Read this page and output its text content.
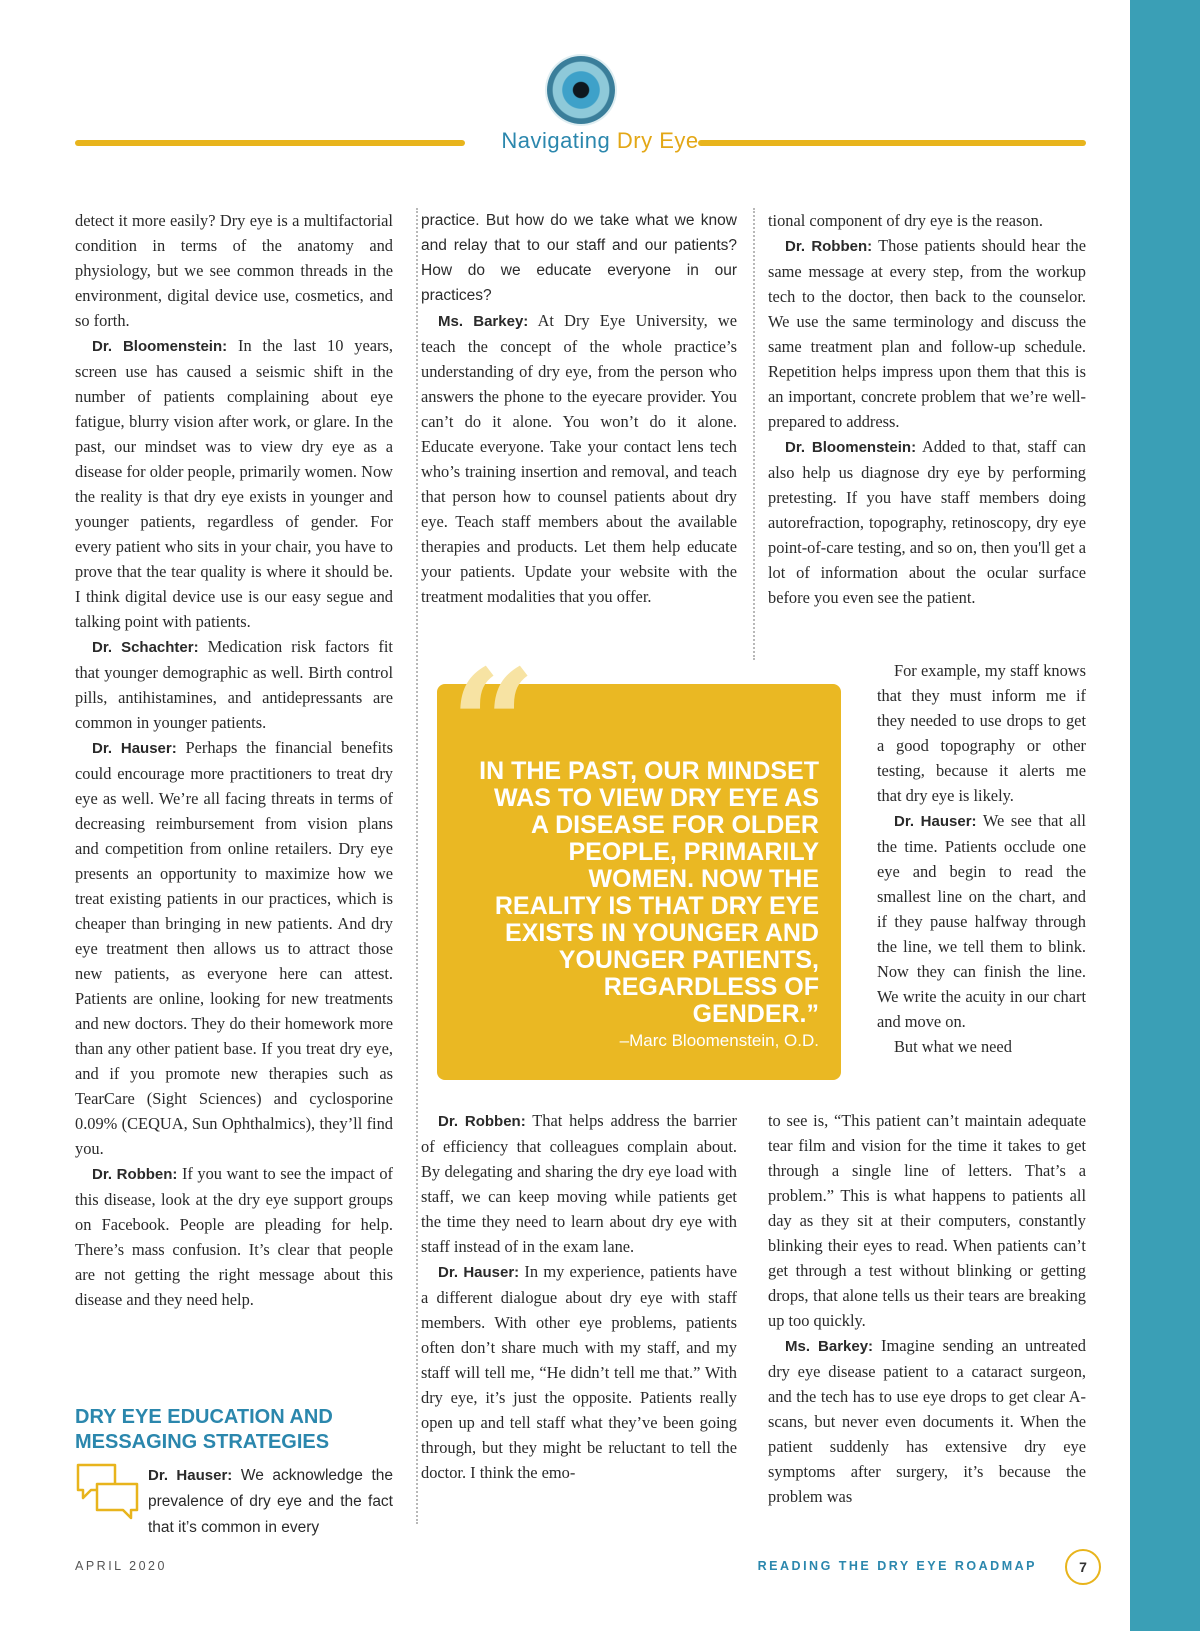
Navigating Dry Eye

detect it more easily? Dry eye is a multifactorial condition in terms of the anatomy and physiology, but we see common threads in the environment, digital device use, cosmetics, and so forth.

Dr. Bloomenstein: In the last 10 years, screen use has caused a seismic shift in the number of patients complaining about eye fatigue, blurry vision after work, or glare. In the past, our mindset was to view dry eye as a disease for older people, primarily women. Now the reality is that dry eye exists in younger and younger patients, regardless of gender. For every patient who sits in your chair, you have to prove that the tear quality is where it should be. I think digital device use is our easy segue and talking point with patients.

Dr. Schachter: Medication risk factors fit that younger demographic as well. Birth control pills, antihistamines, and antidepressants are common in younger patients.

Dr. Hauser: Perhaps the financial benefits could encourage more practitioners to treat dry eye as well. We’re all facing threats in terms of decreasing reimbursement from vision plans and competition from online retailers. Dry eye presents an opportunity to maximize how we treat existing patients in our practices, which is cheaper than bringing in new patients. And dry eye treatment then allows us to attract those new patients, as everyone here can attest. Patients are online, looking for new treatments and new doctors. They do their homework more than any other patient base. If you treat dry eye, and if you promote new therapies such as TearCare (Sight Sciences) and cyclosporine 0.09% (CEQUA, Sun Ophthalmics), they’ll find you.

Dr. Robben: If you want to see the impact of this disease, look at the dry eye support groups on Facebook. People are pleading for help. There’s mass confusion. It’s clear that people are not getting the right message about this disease and they need help.

DRY EYE EDUCATION AND MESSAGING STRATEGIES

Dr. Hauser: We acknowledge the prevalence of dry eye and the fact that it’s common in every

practice. But how do we take what we know and relay that to our staff and our patients? How do we educate everyone in our practices?

Ms. Barkey: At Dry Eye University, we teach the concept of the whole practice’s understanding of dry eye, from the person who answers the phone to the eyecare provider. You can’t do it alone. You won’t do it alone. Educate everyone. Take your contact lens tech who’s training insertion and removal, and teach that person how to counsel patients about dry eye. Teach staff members about the available therapies and products. Let them help educate your patients. Update your website with the treatment modalities that you offer.

“
IN THE PAST, OUR MINDSET WAS TO VIEW DRY EYE AS A DISEASE FOR OLDER PEOPLE, PRIMARILY WOMEN. NOW THE REALITY IS THAT DRY EYE EXISTS IN YOUNGER AND YOUNGER PATIENTS, REGARDLESS OF GENDER.”
–Marc Bloomenstein, O.D.

Dr. Robben: That helps address the barrier of efficiency that colleagues complain about. By delegating and sharing the dry eye load with staff, we can keep moving while patients get the time they need to learn about dry eye with staff instead of in the exam lane.

Dr. Hauser: In my experience, patients have a different dialogue about dry eye with staff members. With other eye problems, patients often don’t share much with my staff, and my staff will tell me, “He didn’t tell me that.” With dry eye, it’s just the opposite. Patients really open up and tell staff what they’ve been going through, but they might be reluctant to tell the doctor. I think the emo-

tional component of dry eye is the reason.

Dr. Robben: Those patients should hear the same message at every step, from the workup tech to the doctor, then back to the counselor. We use the same terminology and discuss the same treatment plan and follow-up schedule. Repetition helps impress upon them that this is an important, concrete problem that we’re well-prepared to address.

Dr. Bloomenstein: Added to that, staff can also help us diagnose dry eye by performing pretesting. If you have staff members doing autorefraction, topography, retinoscopy, dry eye point-of-care testing, and so on, then you'll get a lot of information about the ocular surface before you even see the patient.

For example, my staff knows that they must inform me if they needed to use drops to get a good topography or other testing, because it alerts me that dry eye is likely.

Dr. Hauser: We see that all the time. Patients occlude one eye and begin to read the smallest line on the chart, and if they pause halfway through the line, we tell them to blink. Now they can finish the line. We write the acuity in our chart and move on.

But what we need

to see is, “This patient can’t maintain adequate tear film and vision for the time it takes to get through a single line of letters. That’s a problem.” This is what happens to patients all day as they sit at their computers, constantly blinking their eyes to read. When patients can’t get through a test without blinking or getting drops, that alone tells us their tears are breaking up too quickly.

Ms. Barkey: Imagine sending an untreated dry eye disease patient to a cataract surgeon, and the tech has to use eye drops to get clear A-scans, but never even documents it. When the patient suddenly has extensive dry eye symptoms after surgery, it’s because the problem was

APRIL 2020	READING THE DRY EYE ROADMAP	7
